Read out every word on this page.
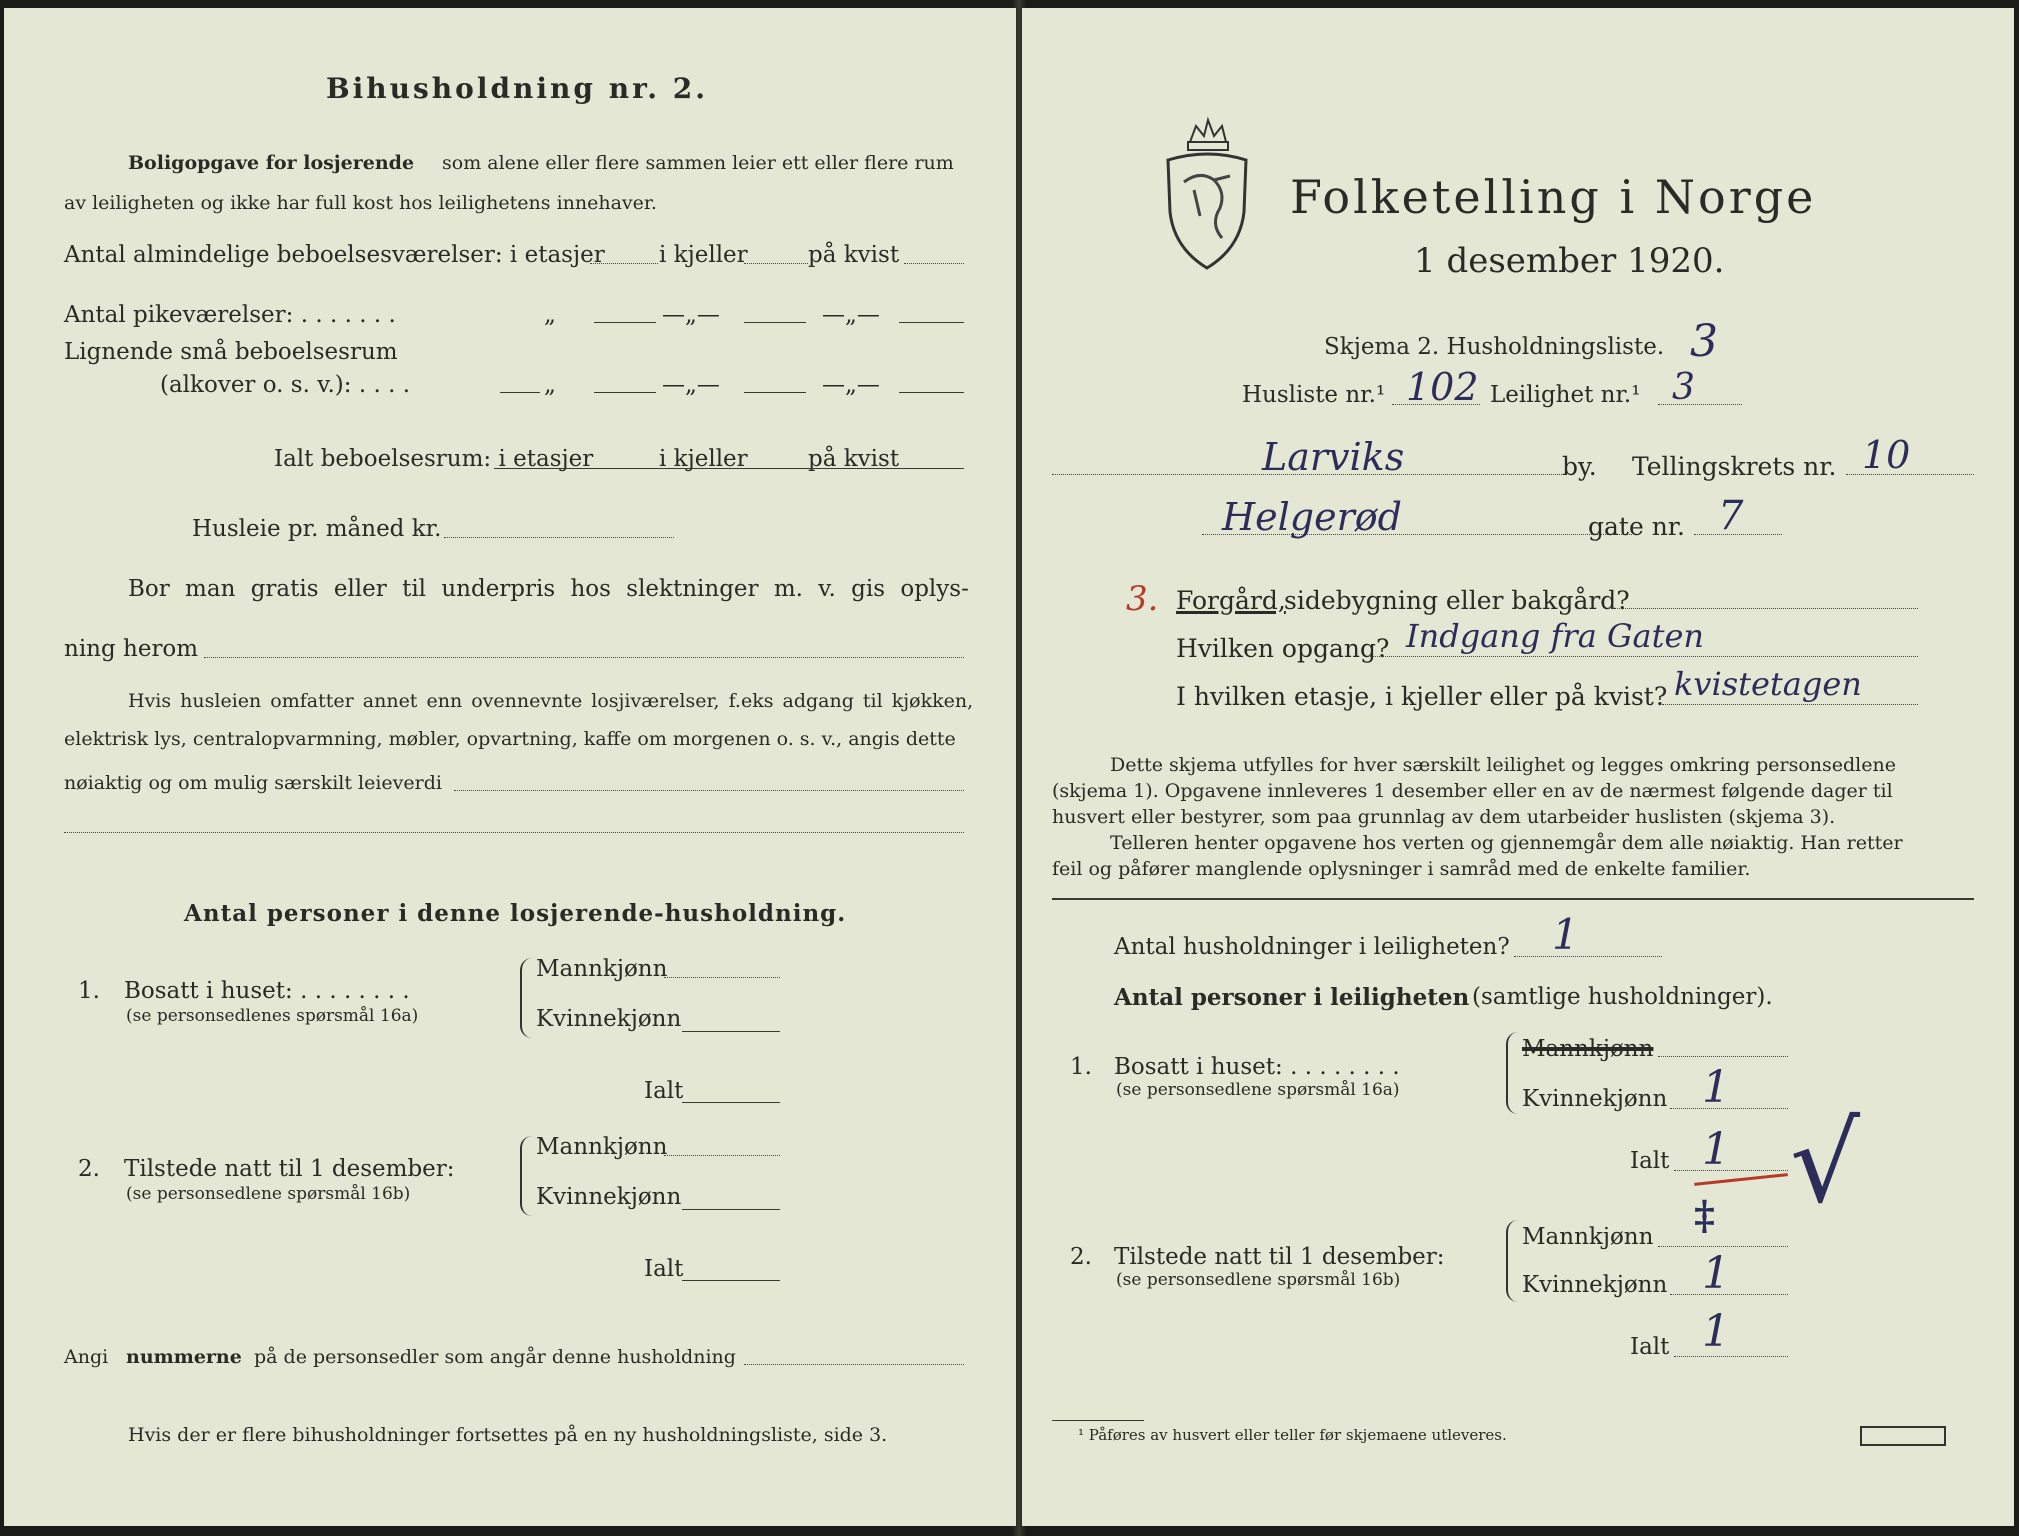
Bihusholdning nr. 2.
Boligopgave for losjerende som alene eller flere sammen leier ett eller flere rum
av leiligheten og ikke har full kost hos leilighetens innehaver.
Antal almindelige beboelsesværelser: i etasjer i kjeller	på kvist
Antal pikeværelser: . . . . . . .	„	—„—	—„—
Lignende små beboelsesrum
(alkover o. s. v.): . . . .	„	—„—	—„—
Ialt beboelsesrum: i etasjer	i kjeller	på kvist
Husleie pr. måned kr.
Bor man gratis eller til underpris hos slektninger m. v. gis oplys-
ning herom
Hvis husleien omfatter annet enn ovennevnte losjiværelser, f.eks adgang til kjøkken,
elektrisk lys, centralopvarmning, møbler, opvartning, kaffe om morgenen o. s. v., angis dette
nøiaktig og om mulig særskilt leieverdi
Antal personer i denne losjerende-husholdning.
1. Bosatt i huset: . . . . . . . .
(se personsedlenes spørsmål 16a)
Mannkjønn
Kvinnekjønn
Ialt
2. Tilstede natt til 1 desember:
(se personsedlene spørsmål 16b)
Mannkjønn
Kvinnekjønn
Ialt
Angi nummerne på de personsedler som angår denne husholdning
Hvis der er flere bihusholdninger fortsettes på en ny husholdningsliste, side 3.
Folketelling i Norge
1 desember 1920.
Skjema 2. Husholdningsliste. 3
Husliste nr.¹ 102 Leilighet nr.¹ 3
Larviks	by. Tellingskrets nr. 10
Helgerød	gate nr. 7
3. Forgård,
sidebygning eller bakgård?
Hvilken opgang? Indgang fra Gaten
I hvilken etasje, i kjeller eller på kvist? kvistetagen
Dette skjema utfylles for hver særskilt leilighet og legges omkring personsedlene
(skjema 1). Opgavene innleveres 1 desember eller en av de nærmest følgende dager til
husvert eller bestyrer, som paa grunnlag av dem utarbeider huslisten (skjema 3).
Telleren henter opgavene hos verten og gjennemgår dem alle nøiaktig. Han retter
feil og påfører manglende oplysninger i samråd med de enkelte familier.
Antal husholdninger i leiligheten? 1
Antal personer i leiligheten (samtlige husholdninger).
1. Bosatt i huset: . . . . . . . .
(se personsedlene spørsmål 16a)
Mannkjønn
Kvinnekjønn 1
Ialt 1 √
2. Tilstede natt til 1 desember:
(se personsedlene spørsmål 16b)
Mannkjønn ‡
Kvinnekjønn 1
Ialt 1
¹ Påføres av husvert eller teller før skjemaene utleveres.
